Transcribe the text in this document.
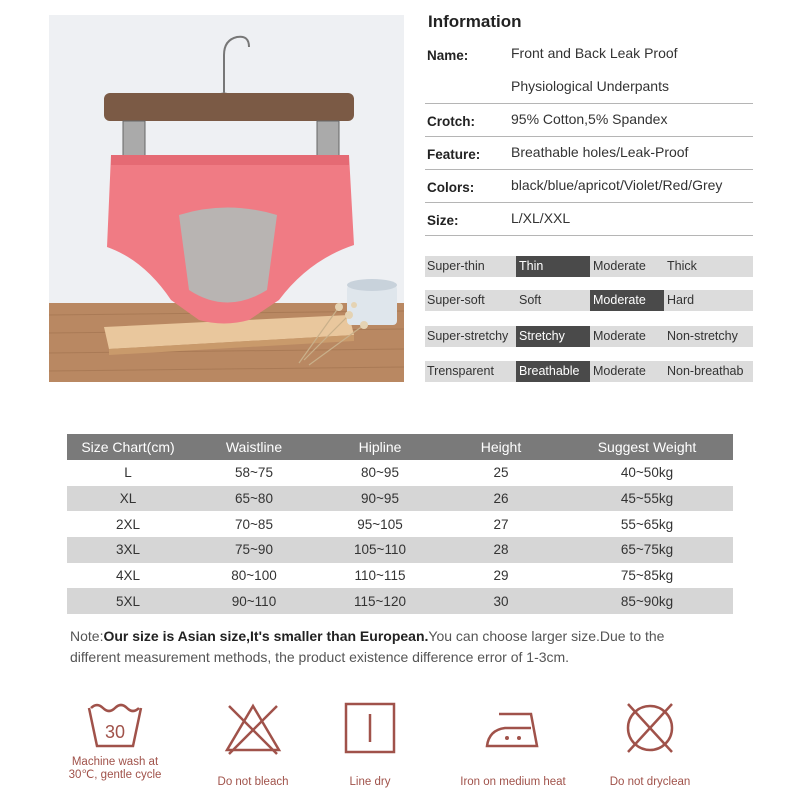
Information
Name:	Front and Back Leak Proof
Physiological Underpants
Crotch:	95% Cotton,5% Spandex
Feature: Breathable holes/Leak-Proof
Colors:	black/blue/apricot/Violet/Red/Grey
Size:	L/XL/XXL
Super-thin	Thin	Moderate	Thick
Super-soft	Soft	Moderate	Hard
Super-stretchy Stretchy	Moderate	Non-stretchy
Trensparent	Breathable	Moderate	Non-breathab
Size Chart(cm)	Waistline	Hipline	Height	Suggest Weight
L	58~75	80~95	25	40~50kg
XL	65~80	90~95	26	45~55kg
2XL	70~85	95~105	27	55~65kg
3XL	75~90	105~110	28	65~75kg
4XL	80~100	110~115	29	75~85kg
5XL	90~110	115~120	30	85~90kg
Note:Our size is Asian size,It's smaller than European.You can choose larger size.Due to the
different measurement methods, the product existence difference error of 1-3cm.
30
Machine wash at
30℃, gentle cycle
Do not bleach	Line dry	Iron on medium heat	Do not dryclean
